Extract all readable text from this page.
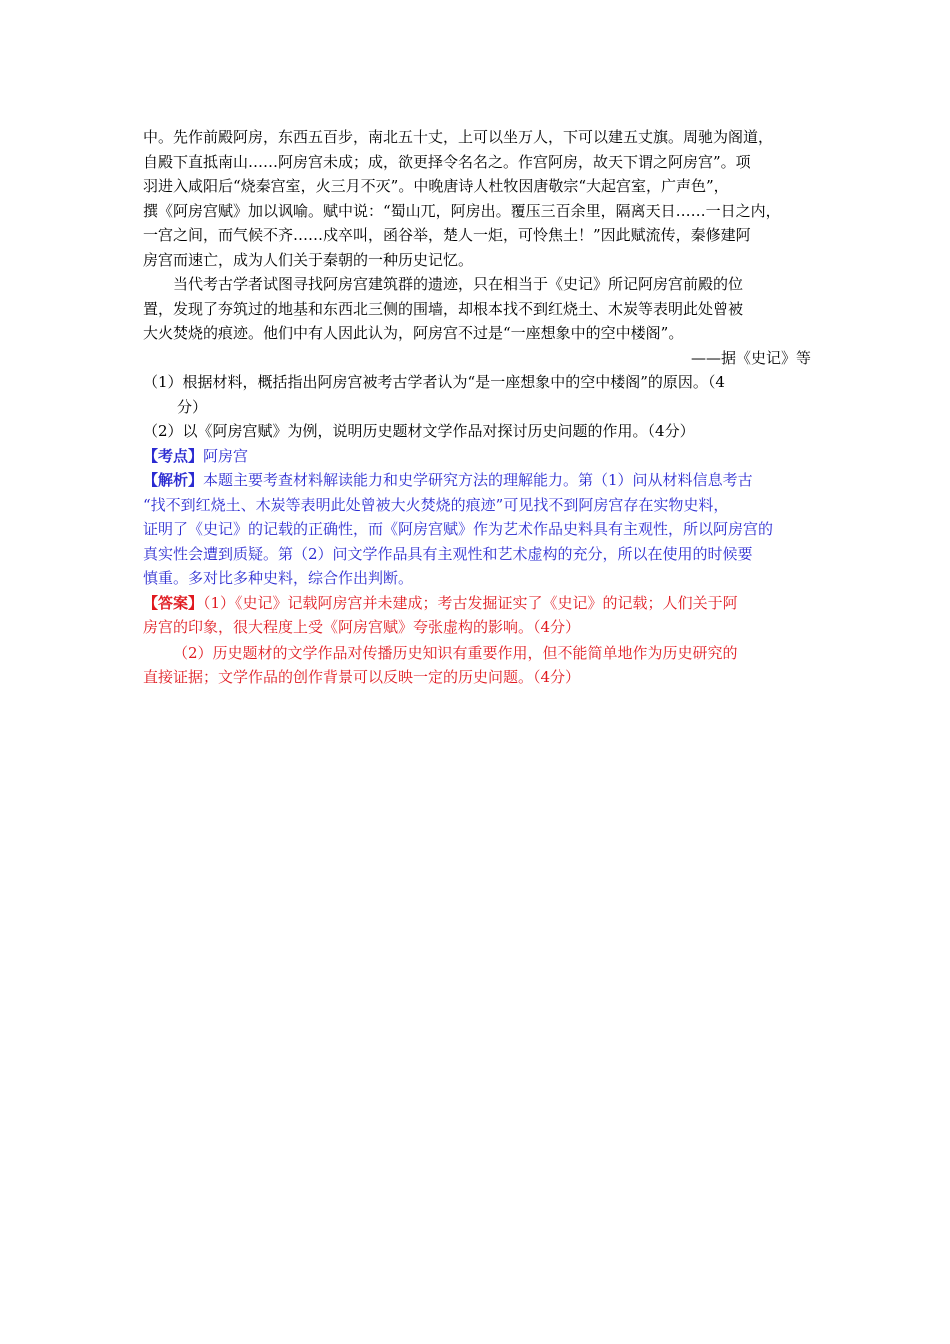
中。先作前殿阿房，东西五百步，南北五十丈，上可以坐万人，下可以建五丈旗。周驰为阁道，
自殿下直抵南山……阿房宫未成；成，欲更择令名名之。作宫阿房，故天下谓之阿房宫”。项
羽进入咸阳后“烧秦宫室，火三月不灭”。中晚唐诗人杜牧因唐敬宗“大起宫室，广声色”，
撰《阿房宫赋》加以讽喻。赋中说：“蜀山兀，阿房出。覆压三百余里，隔离天日……一日之内，
一宫之间，而气候不齐……戍卒叫，函谷举，楚人一炬，可怜焦土！”因此赋流传，秦修建阿
房宫而速亡，成为人们关于秦朝的一种历史记忆。
当代考古学者试图寻找阿房宫建筑群的遗迹，只在相当于《史记》所记阿房宫前殿的位
置，发现了夯筑过的地基和东西北三侧的围墙，却根本找不到红烧土、木炭等表明此处曾被
大火焚烧的痕迹。他们中有人因此认为，阿房宫不过是“一座想象中的空中楼阁”。
——据《史记》等
（1）根据材料，概括指出阿房宫被考古学者认为“是一座想象中的空中楼阁”的原因。（4
分）
（2）以《阿房宫赋》为例，说明历史题材文学作品对探讨历史问题的作用。（4分）
【考点】阿房宫
【解析】本题主要考查材料解读能力和史学研究方法的理解能力。第（1）问从材料信息考古
“找不到红烧土、木炭等表明此处曾被大火焚烧的痕迹”可见找不到阿房宫存在实物史料，
证明了《史记》的记载的正确性，而《阿房宫赋》作为艺术作品史料具有主观性，所以阿房宫的
真实性会遭到质疑。第（2）问文学作品具有主观性和艺术虚构的充分，所以在使用的时候要
慎重。多对比多种史料，综合作出判断。
【答案】（1）《史记》记载阿房宫并未建成；考古发掘证实了《史记》的记载；人们关于阿
房宫的印象，很大程度上受《阿房宫赋》夸张虚构的影响。（4分）
（2）历史题材的文学作品对传播历史知识有重要作用，但不能简单地作为历史研究的
直接证据；文学作品的创作背景可以反映一定的历史问题。（4分）
